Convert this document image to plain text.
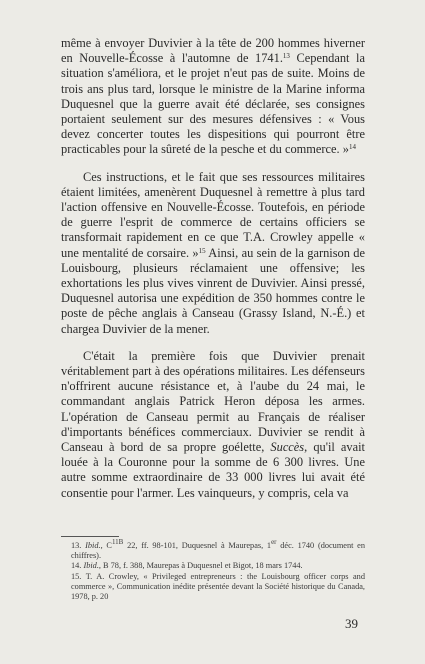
même à envoyer Duvivier à la tête de 200 hommes hiverner en Nouvelle-Écosse à l'automne de 1741.13 Cependant la situation s'améliora, et le projet n'eut pas de suite. Moins de trois ans plus tard, lorsque le ministre de la Marine informa Duquesnel que la guerre avait été déclarée, ses consignes portaient seulement sur des mesures défensives : « Vous devez concerter toutes les dispesitions qui pourront être practicables pour la sûreté de la pesche et du commerce. »$^{14}$

Ces instructions, et le fait que ses ressources militaires étaient limitées, amenèrent Duquesnel à remettre à plus tard l'action offensive en Nouvelle-Écosse. Toutefois, en période de guerre l'esprit de commerce de certains officiers se transformait rapidement en ce que T.A. Crowley appelle « une mentalité de corsaire. »$^{15}$ Ainsi, au sein de la garnison de Louisbourg, plusieurs réclamaient une offensive; les exhortations les plus vives vinrent de Duvivier. Ainsi pressé, Duquesnel autorisa une expédition de 350 hommes contre le poste de pêche anglais à Canseau (Grassy Island, N.-É.) et chargea Duvivier de la mener.

C'était la première fois que Duvivier prenait véritablement part à des opérations militaires. Les défenseurs n'offrirent aucune résistance et, à l'aube du 24 mai, le commandant anglais Patrick Heron déposa les armes. L'opération de Canseau permit au Français de réaliser d'importants bénéfices commerciaux. Duvivier se rendit à Canseau à bord de sa propre goélette, Succès, qu'il avait louée à la Couronne pour la somme de 6 300 livres. Une autre somme extraordinaire de 33 000 livres lui avait été consentie pour l'armer. Les vainqueurs, y compris, cela va

13. Ibid., $C^{11B}$ 22, ff. 98-101, Duquesnel à Maurepas, 1er déc. 1740 (document en chiffres).

14. Ibid., B 78, f. 388, Maurepas à Duquesnel et Bigot, 18 mars 1744.

15. T. A. Crowley, « Privileged entrepreneurs : the Louisbourg officer corps and commerce », Communication inédite présentée devant la Société historique du Canada, 1978, p. 20

39
